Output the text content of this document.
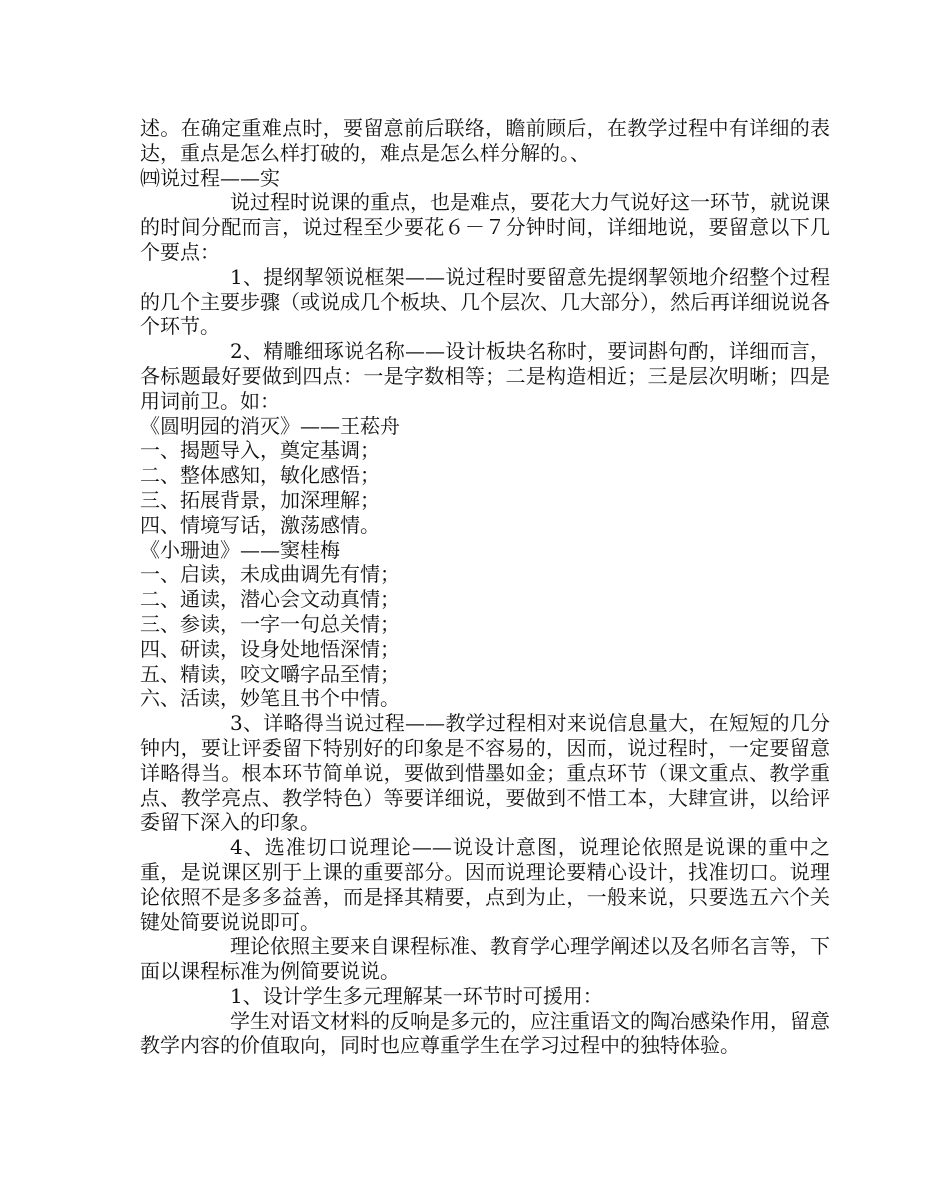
述。在确定重难点时，要留意前后联络，瞻前顾后，在教学过程中有详细的表达，重点是怎么样打破的，难点是怎么样分解的。、

㈣说过程——实

说过程时说课的重点，也是难点，要花大力气说好这一环节，就说课的时间分配而言，说过程至少要花６－７分钟时间，详细地说，要留意以下几个要点：

1、提纲挈领说框架——说过程时要留意先提纲挈领地介绍整个过程的几个主要步骤（或说成几个板块、几个层次、几大部分），然后再详细说说各个环节。

2、精雕细琢说名称——设计板块名称时，要词斟句酌，详细而言，各标题最好要做到四点：一是字数相等；二是构造相近；三是层次明晰；四是用词前卫。如：

《圆明园的消灭》——王菘舟

一、揭题导入，奠定基调；

二、整体感知，敏化感悟；

三、拓展背景，加深理解；

四、情境写话，激荡感情。

《小珊迪》——窦桂梅

一、启读，未成曲调先有情；

二、通读，潜心会文动真情；

三、参读，一字一句总关情；

四、研读，设身处地悟深情；

五、精读，咬文嚼字品至情；

六、活读，妙笔且书个中情。

3、详略得当说过程——教学过程相对来说信息量大，在短短的几分钟内，要让评委留下特别好的印象是不容易的，因而，说过程时，一定要留意详略得当。根本环节简单说，要做到惜墨如金；重点环节（课文重点、教学重点、教学亮点、教学特色）等要详细说，要做到不惜工本，大肆宣讲，以给评委留下深入的印象。

4、选准切口说理论——说设计意图，说理论依照是说课的重中之重，是说课区别于上课的重要部分。因而说理论要精心设计，找准切口。说理论依照不是多多益善，而是择其精要，点到为止，一般来说，只要选五六个关键处简要说说即可。

理论依照主要来自课程标准、教育学心理学阐述以及名师名言等，下面以课程标准为例简要说说。

1、设计学生多元理解某一环节时可援用：

学生对语文材料的反响是多元的，应注重语文的陶冶感染作用，留意教学内容的价值取向，同时也应尊重学生在学习过程中的独特体验。
